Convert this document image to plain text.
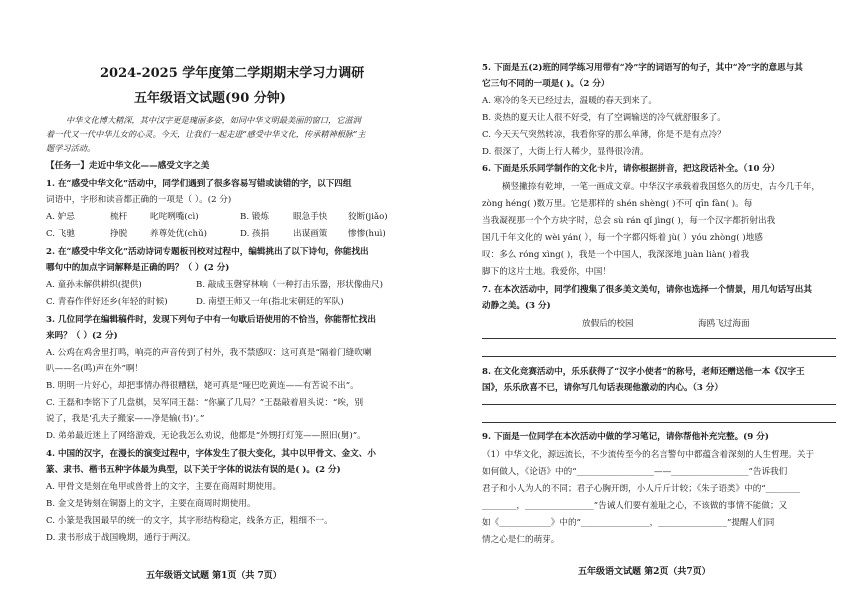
2024-2025 学年度第二学期期末学习力调研
五年级语文试题(90 分钟)
中华文化博大精深，其中汉字更是瑰丽多姿，如同中华文明最美丽的窗口，它滋润
着一代又一代中华儿女的心灵。今天，让我们一起走进“感受中华文化，传承精神根脉”主
题学习活动。
【任务一】走近中华文化——感受文字之美
1. 在“感受中华文化”活动中，同学们遇到了很多容易写错或读错的字，以下四组
词语中，字形和读音都正确的一项是（ ）。(2 分)
A. 妒忌	梳杆	叱咤咧嘴(cì)	B. 锻炼	眼急手快 狡断(jiǎo)
C. 飞驰	挣脱	养尊处优(chǔ)	D. 孩捐	出谋画策 惨惨(huì)
2. 在“感受中华文化”活动诗词专题板刊校对过程中，编辑挑出了以下诗句，你能找出
哪句中的加点字词解释是正确的吗？（ ）(2 分)
A. 童孙未解供耕织(提供)	B. 敲成玉磬穿林响（一种打击乐器，形状像曲尺)
C. 青春作伴好还乡(年轻的时候)	D. 南望王师又一年(指北宋朝廷的军队)
3. 几位同学在编辑稿件时，发现下列句子中有一句歇后语使用的不恰当，你能帮忙找出
来吗？（ ）(2 分)
A. 公鸡在鸡舍里打鸣，响亮的声音传到了村外，我不禁感叹：这可真是“隔着门缝吹喇
叭——名(鸣)声在外”啊！
B. 明明一片好心，却把事情办得很糟糕，姥可真是“哑巴吃黄连——有苦说不出”。
C. 王磊和李铭下了几盘棋，吴军同王磊：“你赢了几局？”王磊敲着眉头说：“唉，别
说了，我是‘孔夫子搬家——净是输(书)’。”
D. 弟弟最近迷上了网络游戏，无论我怎么劝说，他都是“外甥打灯笼——照旧(舅)”。
4. 中国的汉字，在漫长的演变过程中，字体发生了很大变化，其中以甲骨文、金文、小
篆、隶书、楷书五种字体最为典型，以下关于字体的说法有误的是( )。(2 分)
A. 甲骨文是刻在龟甲或兽骨上的文字，主要在商周时期使用。
B. 金文是铸刻在铜器上的文字，主要在商周时期使用。
C. 小篆是我国最早的统一的文字，其字形结构稳定，线条方正，粗细不一。
D. 隶书形成于战国晚期，通行于两汉。
五年级语文试题 第1页（共 7页）
5. 下面是五(2)班的同学练习用带有“冷”字的词语写的句子，其中“冷”字的意思与其
它三句不同的一项是( )。（2 分）
A. 寒冷的冬天已经过去，温暖的春天到来了。
B. 炎热的夏天让人很不好受，有了空调输送的冷气就舒服多了。
C. 今天天气突然转凉，我看你穿的那么单薄，你是不是有点冷？
D. 很深了，大街上行人稀少，显得很冷清。
6. 下面是乐乐同学制作的文化卡片，请你根据拼音，把这段话补全。（10 分）
横竖撇捺有乾坤，一笔一画成文章。中华汉字承载着我国悠久的历史，古今几千年，
zòng héng( )数万里。它是那样的 shén shèng( )不可 qīn fàn( )。每
当我凝视那一个个方块字时，总会 sù rán qǐ jìng( )，每一个汉字都折射出我
国几千年文化的 wèi yán( ），每一个字都闪烁着 jù( ）yóu zhòng( )地感
叹：多么 róng xìng( )，我是一个中国人，我深深地 juàn liàn( )着我
脚下的这片土地。我爱你，中国！
7. 在本次活动中，同学们搜集了很多美文美句，请你也选择一个情景，用几句话写出其
动静之美。(3 分)
放假后的校园	海鸥飞过海面
8. 在文化竞赛活动中，乐乐获得了“汉字小使者”的称号，老师还赠送他一本《汉字王
国》，乐乐欣喜不已，请你写几句话表现他激动的内心。（3 分）
9. 下面是一位同学在本次活动中做的学习笔记，请你帮他补充完整。(9 分)
（1）中华文化，源远流长，不少流传至今的名言警句中都蕴含着深刻的人生哲理。关于
如何做人，《论语》中的“__________________——__________________”告诉我们
君子和小人为人的不同；君子心胸开朗，小人斤斤计较；《朱子语类》中的“________
________，________________”告诫人们要有羞耻之心，不该做的事情不能做；又
如《____________》中的“________________，________________”提醒人们同
情之心是仁的萌芽。
五年级语文试题 第2页（共7页）
